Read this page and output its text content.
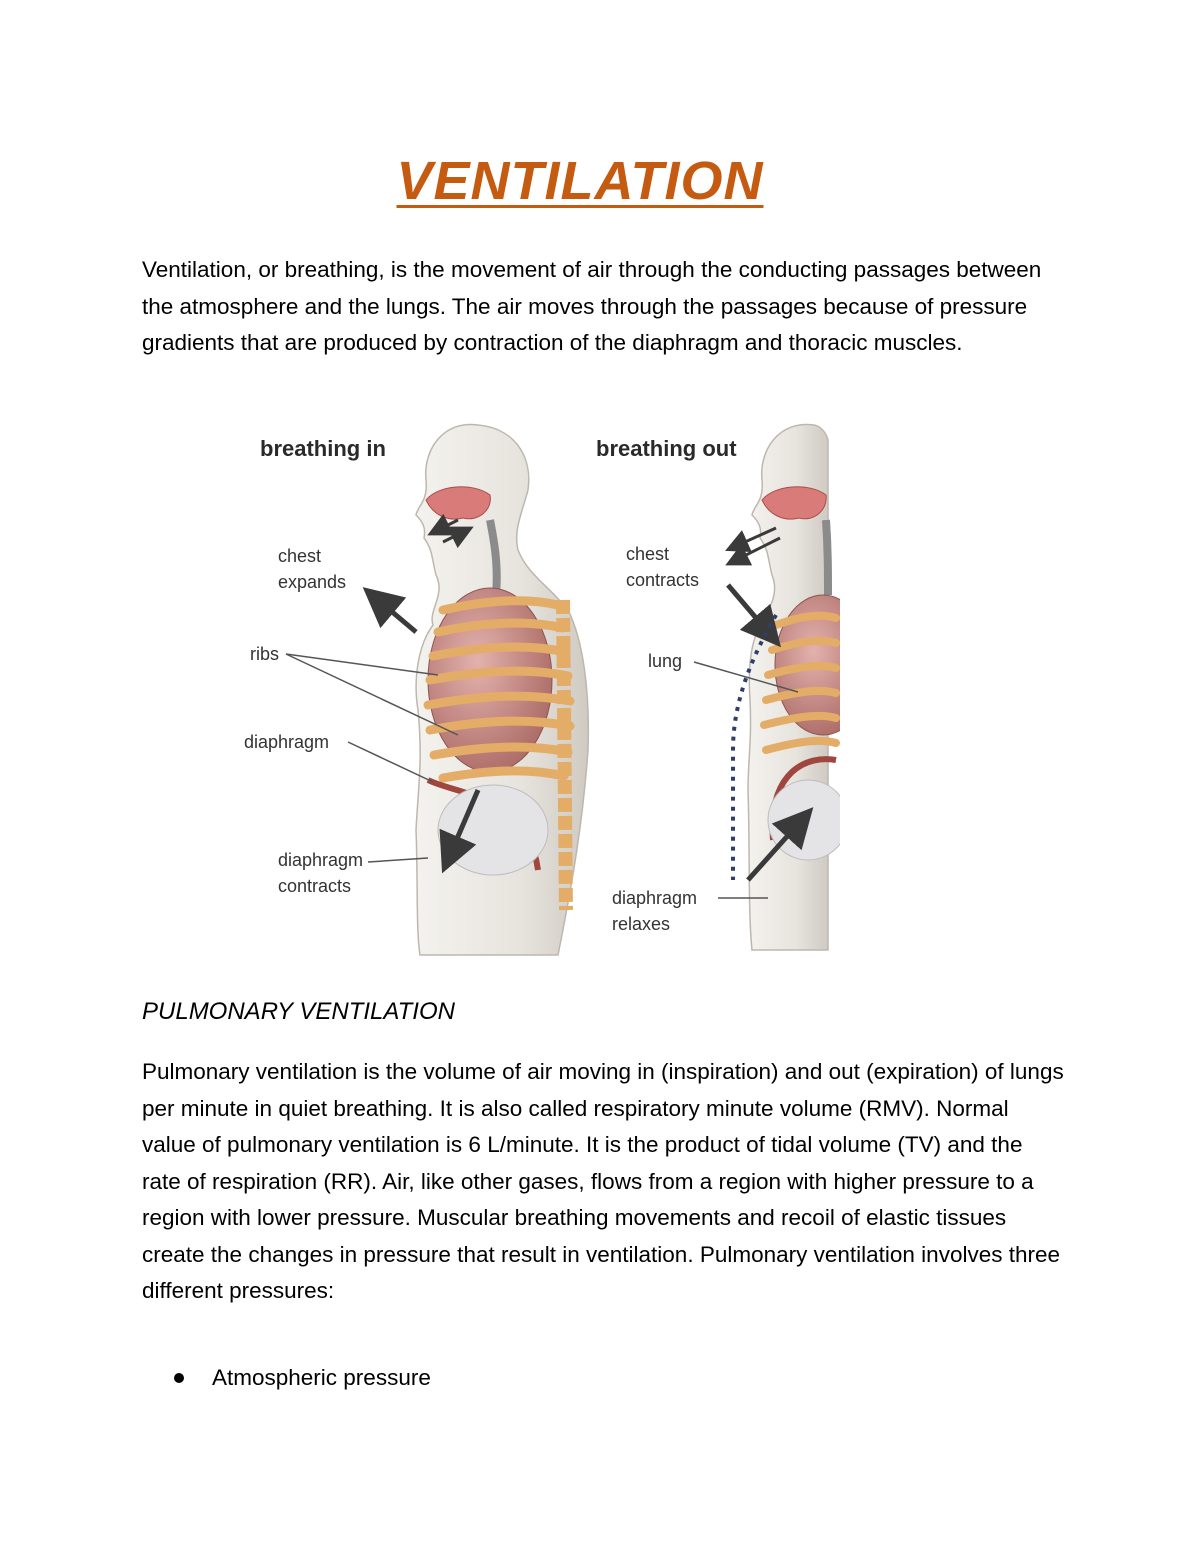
VENTILATION

Ventilation, or breathing, is the movement of air through the conducting passages between the atmosphere and the lungs. The air moves through the passages because of pressure gradients that are produced by contraction of the diaphragm and thoracic muscles.

breathing in
chest
expands
ribs
diaphragm
diaphragm
contracts
breathing out
chest
contracts
lung
diaphragm
relaxes

PULMONARY VENTILATION

Pulmonary ventilation is the volume of air moving in (inspiration) and out (expiration) of lungs per minute in quiet breathing. It is also called respiratory minute volume (RMV). Normal value of pulmonary ventilation is 6 L/minute. It is the product of tidal volume (TV) and the rate of respiration (RR). Air, like other gases, flows from a region with higher pressure to a region with lower pressure. Muscular breathing movements and recoil of elastic tissues create the changes in pressure that result in ventilation. Pulmonary ventilation involves three different pressures:

Atmospheric pressure
